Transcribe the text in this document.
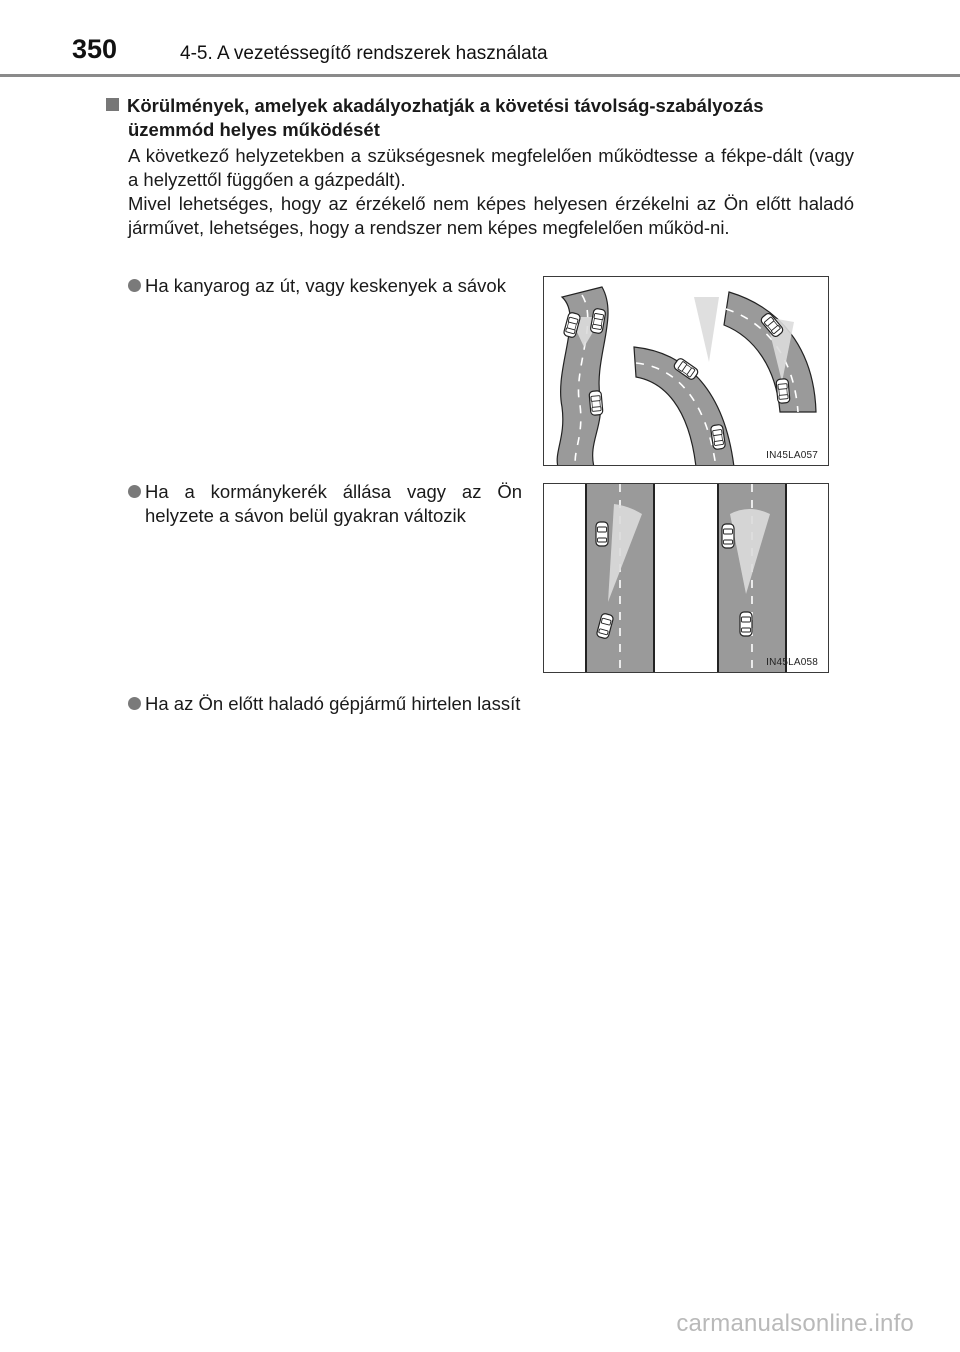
350	4-5. A vezetéssegítő rendszerek használata
Körülmények, amelyek akadályozhatják a követési távolság-szabályozás
üzemmód helyes működését
A következő helyzetekben a szükségesnek megfelelően működtesse a fékpe-dált (vagy a helyzettől függően a gázpedált).
Mivel lehetséges, hogy az érzékelő nem képes helyesen érzékelni az Ön előtt haladó járművet, lehetséges, hogy a rendszer nem képes megfelelően működ-ni.
Ha kanyarog az út, vagy keskenyek a sávok
IN45LA057
Ha a kormánykerék állása vagy az Ön helyzete a sávon belül gyakran változik
IN45LA058
Ha az Ön előtt haladó gépjármű hirtelen lassít
carmanualsonline.info
